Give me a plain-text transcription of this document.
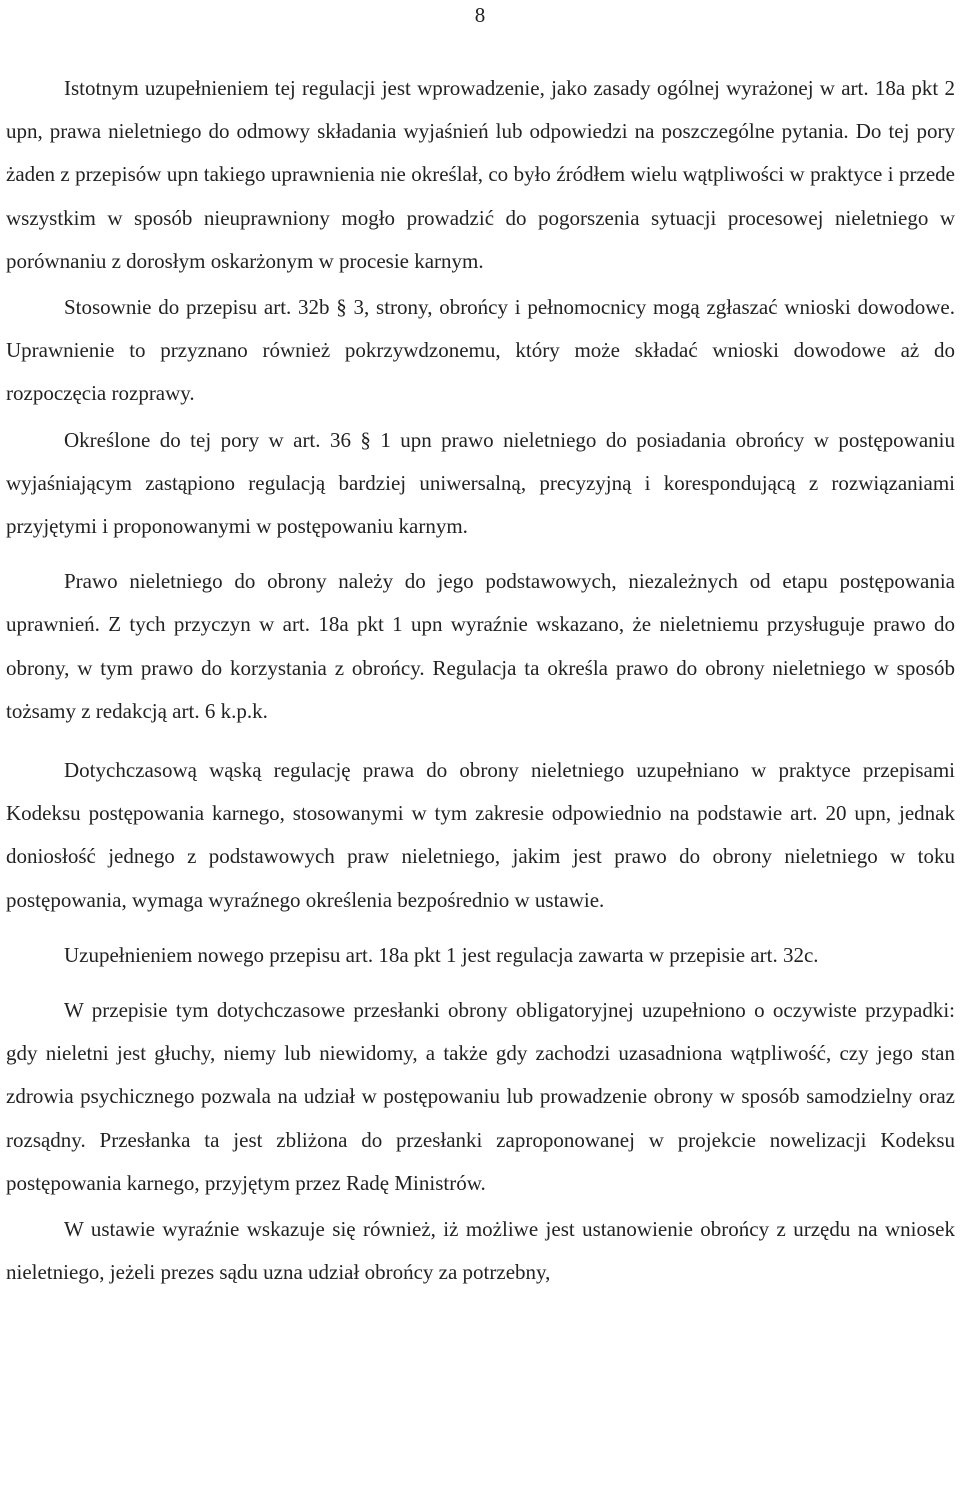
8

Istotnym uzupełnieniem tej regulacji jest wprowadzenie, jako zasady ogólnej wyrażonej w art. 18a pkt 2 upn, prawa nieletniego do odmowy składania wyjaśnień lub odpowiedzi na poszczególne pytania. Do tej pory żaden z przepisów upn takiego uprawnienia nie określał, co było źródłem wielu wątpliwości w praktyce i przede wszystkim w sposób nieuprawniony mogło prowadzić do pogorszenia sytuacji procesowej nieletniego w porównaniu z dorosłym oskarżonym w procesie karnym.

Stosownie do przepisu art. 32b § 3, strony, obrońcy i pełnomocnicy mogą zgłaszać wnioski dowodowe. Uprawnienie to przyznano również pokrzywdzonemu, który może składać wnioski dowodowe aż do rozpoczęcia rozprawy.

Określone do tej pory w art. 36 § 1 upn prawo nieletniego do posiadania obrońcy w postępowaniu wyjaśniającym zastąpiono regulacją bardziej uniwersalną, precyzyjną i korespondującą z rozwiązaniami przyjętymi i proponowanymi w postępowaniu karnym.

Prawo nieletniego do obrony należy do jego podstawowych, niezależnych od etapu postępowania uprawnień. Z tych przyczyn w art. 18a pkt 1 upn wyraźnie wskazano, że nieletniemu przysługuje prawo do obrony, w tym prawo do korzystania z obrońcy. Regulacja ta określa prawo do obrony nieletniego w sposób tożsamy z redakcją art. 6 k.p.k.

Dotychczasową wąską regulację prawa do obrony nieletniego uzupełniano w praktyce przepisami Kodeksu postępowania karnego, stosowanymi w tym zakresie odpowiednio na podstawie art. 20 upn, jednak doniosłość jednego z podstawowych praw nieletniego, jakim jest prawo do obrony nieletniego w toku postępowania, wymaga wyraźnego określenia bezpośrednio w ustawie.

Uzupełnieniem nowego przepisu art. 18a pkt 1 jest regulacja zawarta w przepisie art. 32c.

W przepisie tym dotychczasowe przesłanki obrony obligatoryjnej uzupełniono o oczywiste przypadki: gdy nieletni jest głuchy, niemy lub niewidomy, a także gdy zachodzi uzasadniona wątpliwość, czy jego stan zdrowia psychicznego pozwala na udział w postępowaniu lub prowadzenie obrony w sposób samodzielny oraz rozsądny. Przesłanka ta jest zbliżona do przesłanki zaproponowanej w projekcie nowelizacji Kodeksu postępowania karnego, przyjętym przez Radę Ministrów.

W ustawie wyraźnie wskazuje się również, iż możliwe jest ustanowienie obrońcy z urzędu na wniosek nieletniego, jeżeli prezes sądu uzna udział obrońcy za potrzebny,
